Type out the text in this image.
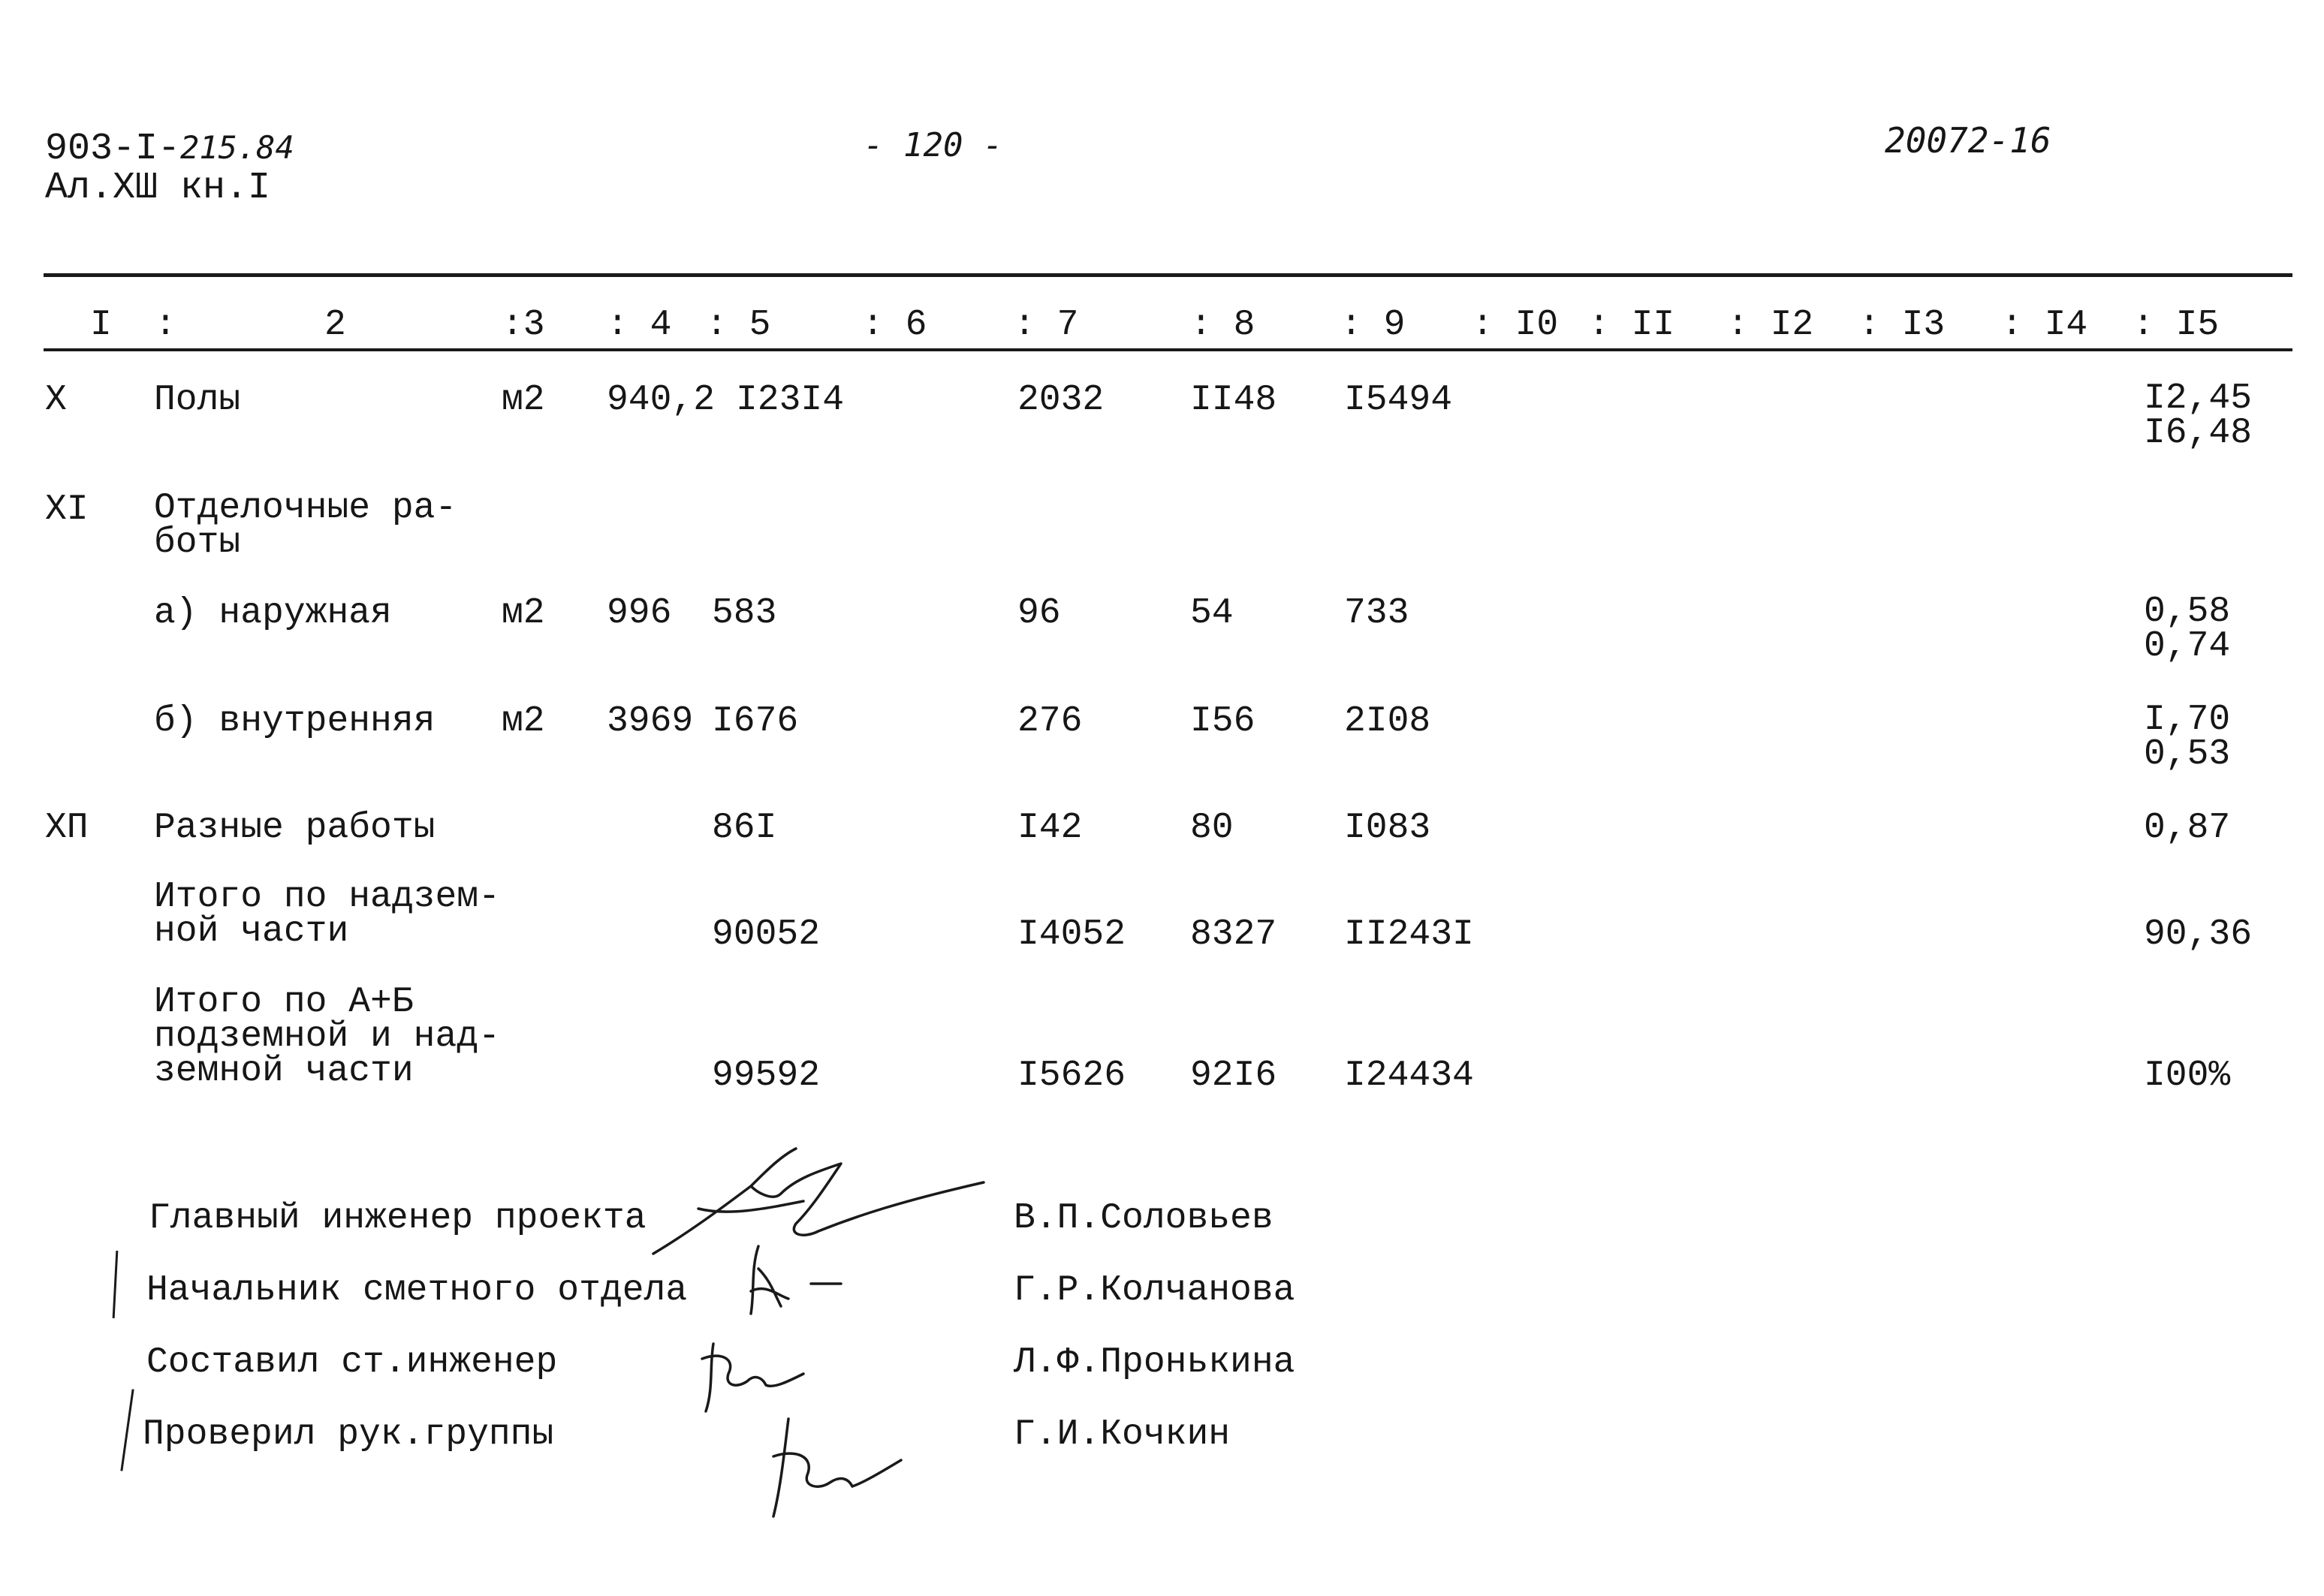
903-I-215.84
Ал.XШ кн.I
- 120 -	20072-16
I :	2	:3 : 4 : 5	: 6 : 7	: 8 : 9 : I0 : II : I2 : I3 : I4 : I5
X Полы	м2 940,2 I23I4	2032 II48 I5494	I2,45
I6,48
XI Отделочные ра-
боты
а) наружная	м2 996 583	96	54	733	0,58
0,74
б) внутренняя м2 3969 I676	276	I56 2I08	I,70
0,53
XП Разные работы	86I	I42	80	I083	0,87
Итого по надзем-
ной части	90052	I4052 8327 II243I	90,36
Итого по А+Б
подземной и над-
земной части	99592	I5626 92I6 I24434	I00%
Главный инженер проекта	В.П.Соловьев
Начальник сметного отдела	Г.Р.Колчанова
Составил ст.инженер	Л.Ф.Пронькина
Проверил рук.группы	Г.И.Кочкин
